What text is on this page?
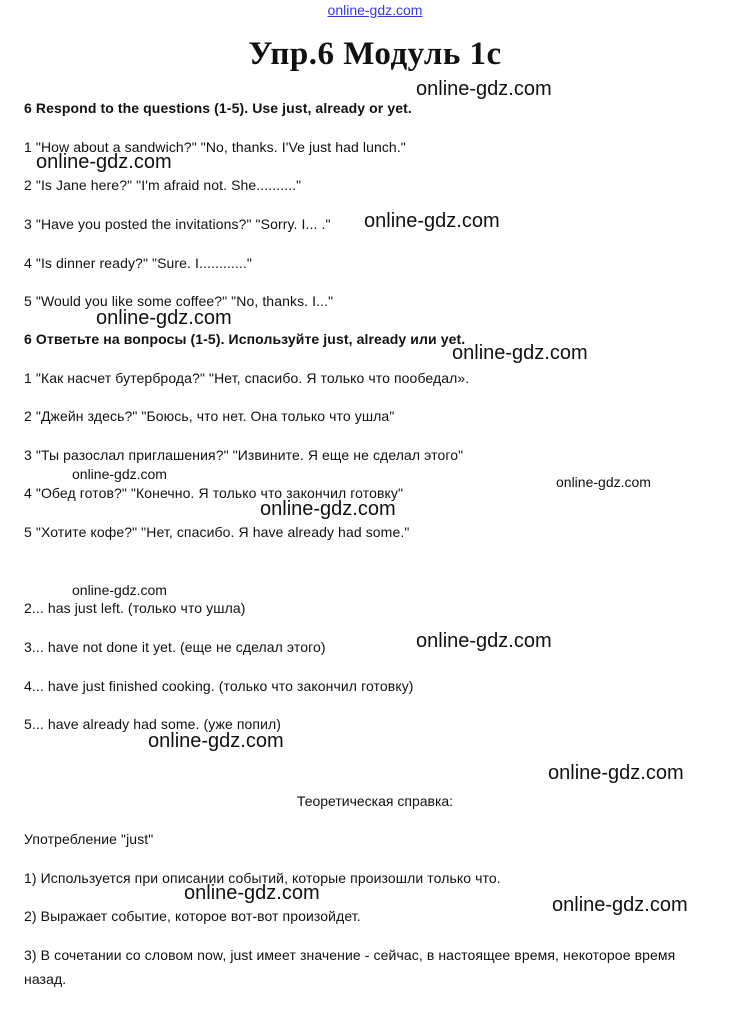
online-gdz.com
Упр.6 Модуль 1с
6 Respond to the questions (1-5). Use just, already or yet.
1 "How about a sandwich?" "No, thanks. I'Ve just had lunch."
2 "Is Jane here?" "I'm afraid not. She.........."
3 "Have you posted the invitations?" "Sorry. I... ."
4 "Is dinner ready?" "Sure. I............"
5 "Would you like some coffee?" "No, thanks. I..."
6 Ответьте на вопросы (1-5). Используйте just, already или yet.
1 "Как насчет бутерброда?" "Нет, спасибо. Я только что пообедал».
2 "Джейн здесь?" "Боюсь, что нет. Она только что ушла"
3 "Ты разослал приглашения?" "Извините. Я еще не сделал этого"
4 "Обед готов?" "Конечно. Я только что закончил готовку"
5 "Хотите кофе?" "Нет, спасибо. Я have already had some."
2... has just left. (только что ушла)
3... have not done it yet. (еще не сделал этого)
4... have just finished cooking. (только что закончил готовку)
5... have already had some. (уже попил)
Теоретическая справка:
Употребление "just"
1) Используется при описании событий, которые произошли только что.
2) Выражает событие, которое вот-вот произойдет.
3) В сочетании со словом now, just имеет значение - сейчас, в настоящее время, некоторое время
назад.
online-gdz.com
online-gdz.com
online-gdz.com
online-gdz.com
online-gdz.com
online-gdz.com	online-gdz.com
online-gdz.com
online-gdz.com
online-gdz.com
online-gdz.com
online-gdz.com
online-gdz.com
online-gdz.com
